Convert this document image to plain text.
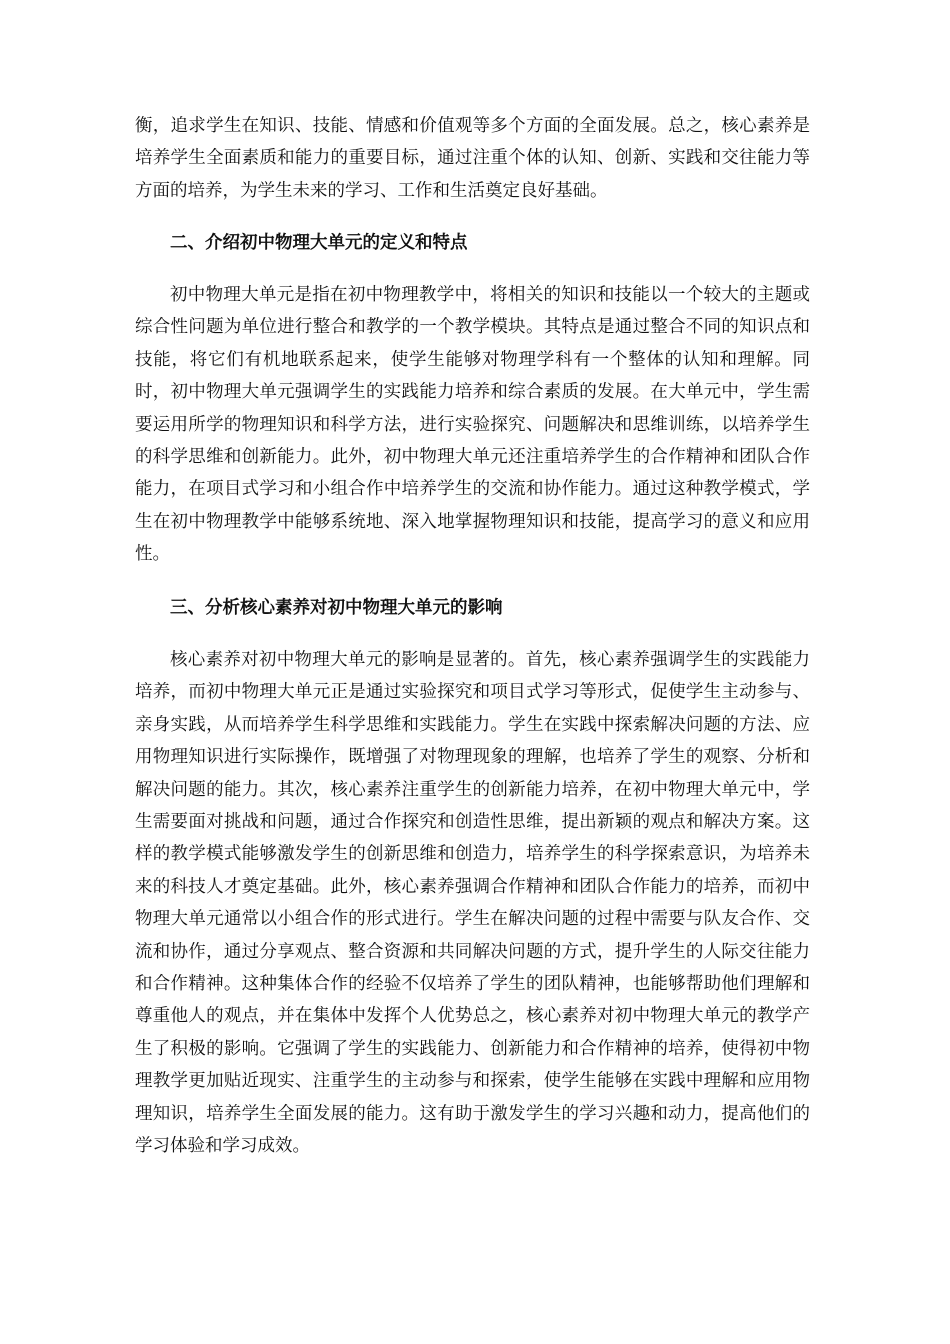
衡，追求学生在知识、技能、情感和价值观等多个方面的全面发展。总之，核心素养是培养学生全面素质和能力的重要目标，通过注重个体的认知、创新、实践和交往能力等方面的培养，为学生未来的学习、工作和生活奠定良好基础。

二、介绍初中物理大单元的定义和特点

初中物理大单元是指在初中物理教学中，将相关的知识和技能以一个较大的主题或综合性问题为单位进行整合和教学的一个教学模块。其特点是通过整合不同的知识点和技能，将它们有机地联系起来，使学生能够对物理学科有一个整体的认知和理解。同时，初中物理大单元强调学生的实践能力培养和综合素质的发展。在大单元中，学生需要运用所学的物理知识和科学方法，进行实验探究、问题解决和思维训练，以培养学生的科学思维和创新能力。此外，初中物理大单元还注重培养学生的合作精神和团队合作能力，在项目式学习和小组合作中培养学生的交流和协作能力。通过这种教学模式，学生在初中物理教学中能够系统地、深入地掌握物理知识和技能，提高学习的意义和应用性。

三、分析核心素养对初中物理大单元的影响

核心素养对初中物理大单元的影响是显著的。首先，核心素养强调学生的实践能力培养，而初中物理大单元正是通过实验探究和项目式学习等形式，促使学生主动参与、亲身实践，从而培养学生科学思维和实践能力。学生在实践中探索解决问题的方法、应用物理知识进行实际操作，既增强了对物理现象的理解，也培养了学生的观察、分析和解决问题的能力。其次，核心素养注重学生的创新能力培养，在初中物理大单元中，学生需要面对挑战和问题，通过合作探究和创造性思维，提出新颖的观点和解决方案。这样的教学模式能够激发学生的创新思维和创造力，培养学生的科学探索意识，为培养未来的科技人才奠定基础。此外，核心素养强调合作精神和团队合作能力的培养，而初中物理大单元通常以小组合作的形式进行。学生在解决问题的过程中需要与队友合作、交流和协作，通过分享观点、整合资源和共同解决问题的方式，提升学生的人际交往能力和合作精神。这种集体合作的经验不仅培养了学生的团队精神，也能够帮助他们理解和尊重他人的观点，并在集体中发挥个人优势总之，核心素养对初中物理大单元的教学产生了积极的影响。它强调了学生的实践能力、创新能力和合作精神的培养，使得初中物理教学更加贴近现实、注重学生的主动参与和探索，使学生能够在实践中理解和应用物理知识，培养学生全面发展的能力。这有助于激发学生的学习兴趣和动力，提高他们的学习体验和学习成效。
